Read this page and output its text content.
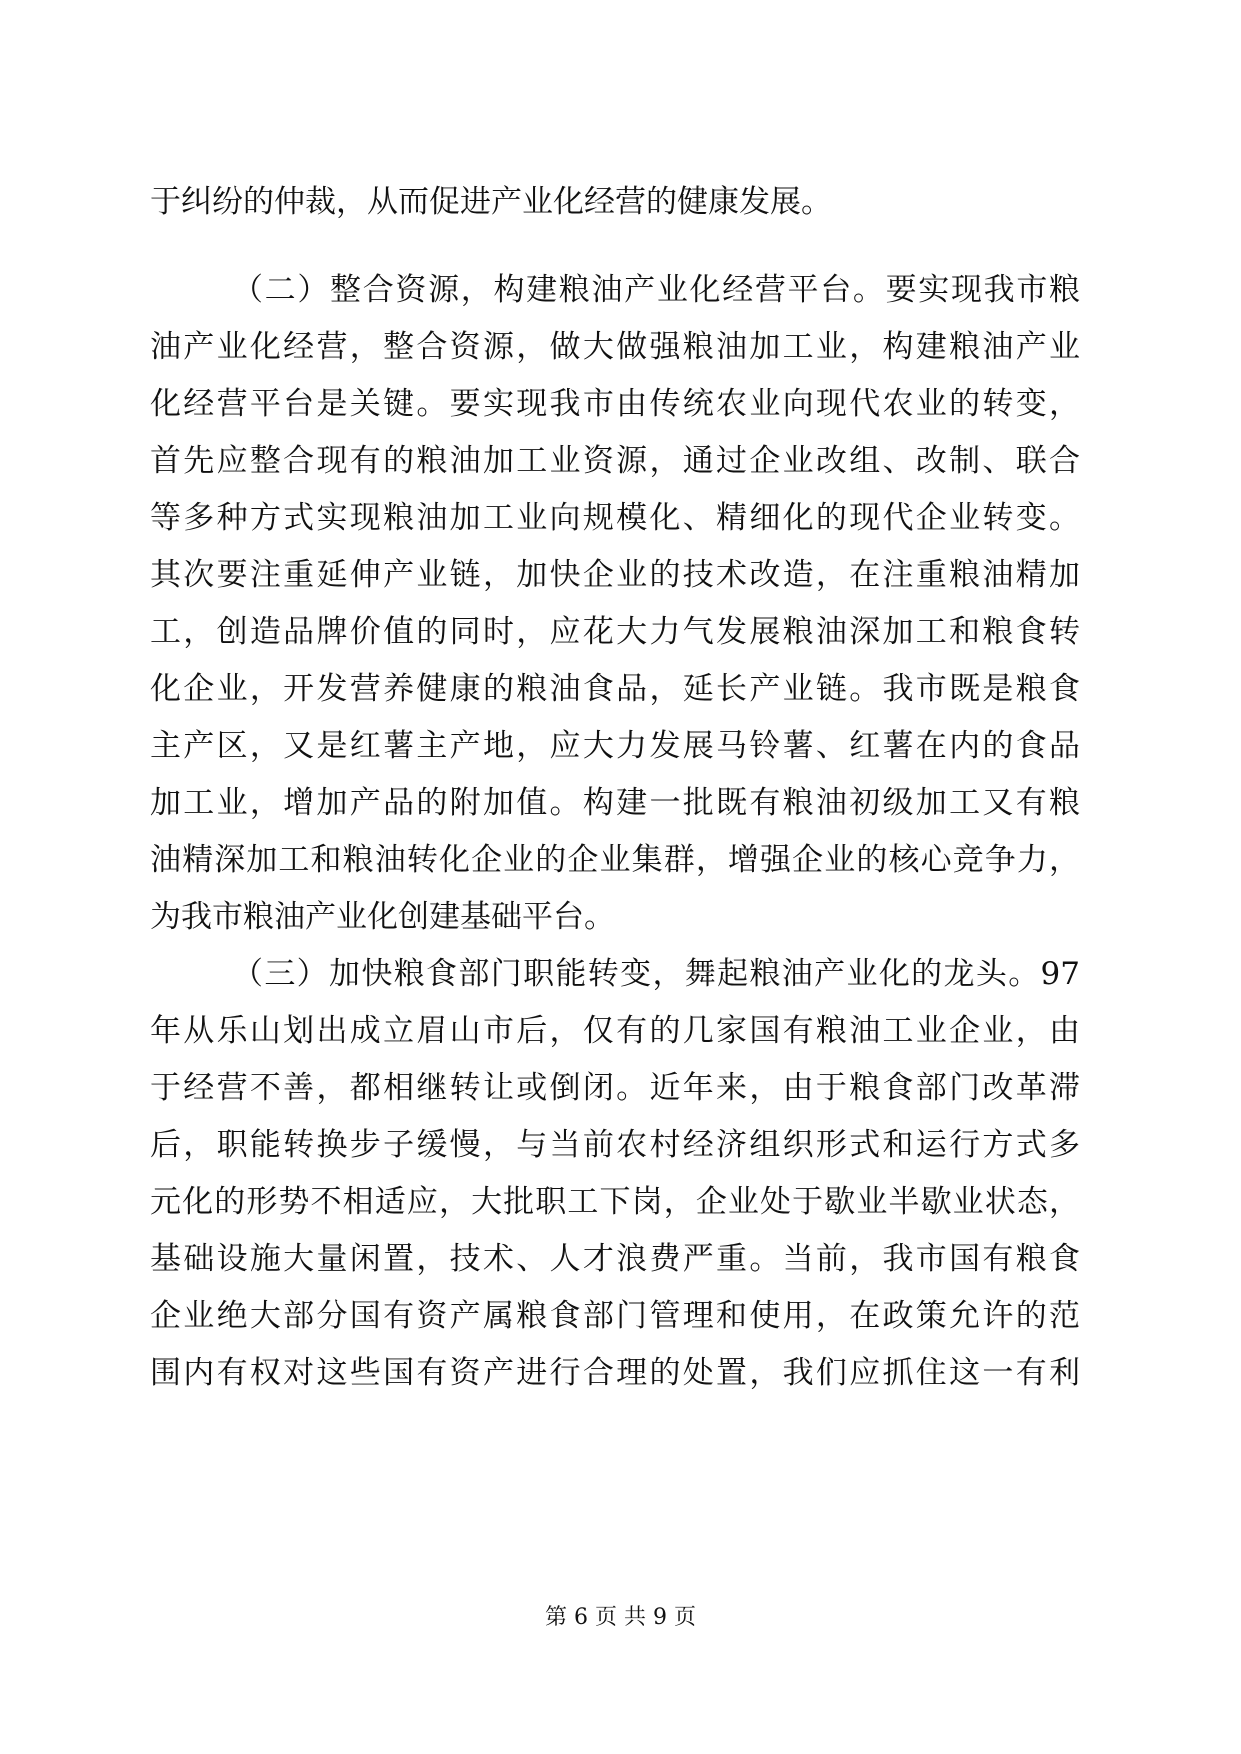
于纠纷的仲裁，从而促进产业化经营的健康发展。
（二）整合资源，构建粮油产业化经营平台。要实现我市粮
油产业化经营，整合资源，做大做强粮油加工业，构建粮油产业
化经营平台是关键。要实现我市由传统农业向现代农业的转变，
首先应整合现有的粮油加工业资源，通过企业改组、改制、联合
等多种方式实现粮油加工业向规模化、精细化的现代企业转变。
其次要注重延伸产业链，加快企业的技术改造，在注重粮油精加
工，创造品牌价值的同时，应花大力气发展粮油深加工和粮食转
化企业，开发营养健康的粮油食品，延长产业链。我市既是粮食
主产区，又是红薯主产地，应大力发展马铃薯、红薯在内的食品
加工业，增加产品的附加值。构建一批既有粮油初级加工又有粮
油精深加工和粮油转化企业的企业集群，增强企业的核心竞争力，
为我市粮油产业化创建基础平台。
（三）加快粮食部门职能转变，舞起粮油产业化的龙头。97
年从乐山划出成立眉山市后，仅有的几家国有粮油工业企业，由
于经营不善，都相继转让或倒闭。近年来，由于粮食部门改革滞
后，职能转换步子缓慢，与当前农村经济组织形式和运行方式多
元化的形势不相适应，大批职工下岗，企业处于歇业半歇业状态，
基础设施大量闲置，技术、人才浪费严重。当前，我市国有粮食
企业绝大部分国有资产属粮食部门管理和使用，在政策允许的范
围内有权对这些国有资产进行合理的处置，我们应抓住这一有利
第 6 页 共 9 页
